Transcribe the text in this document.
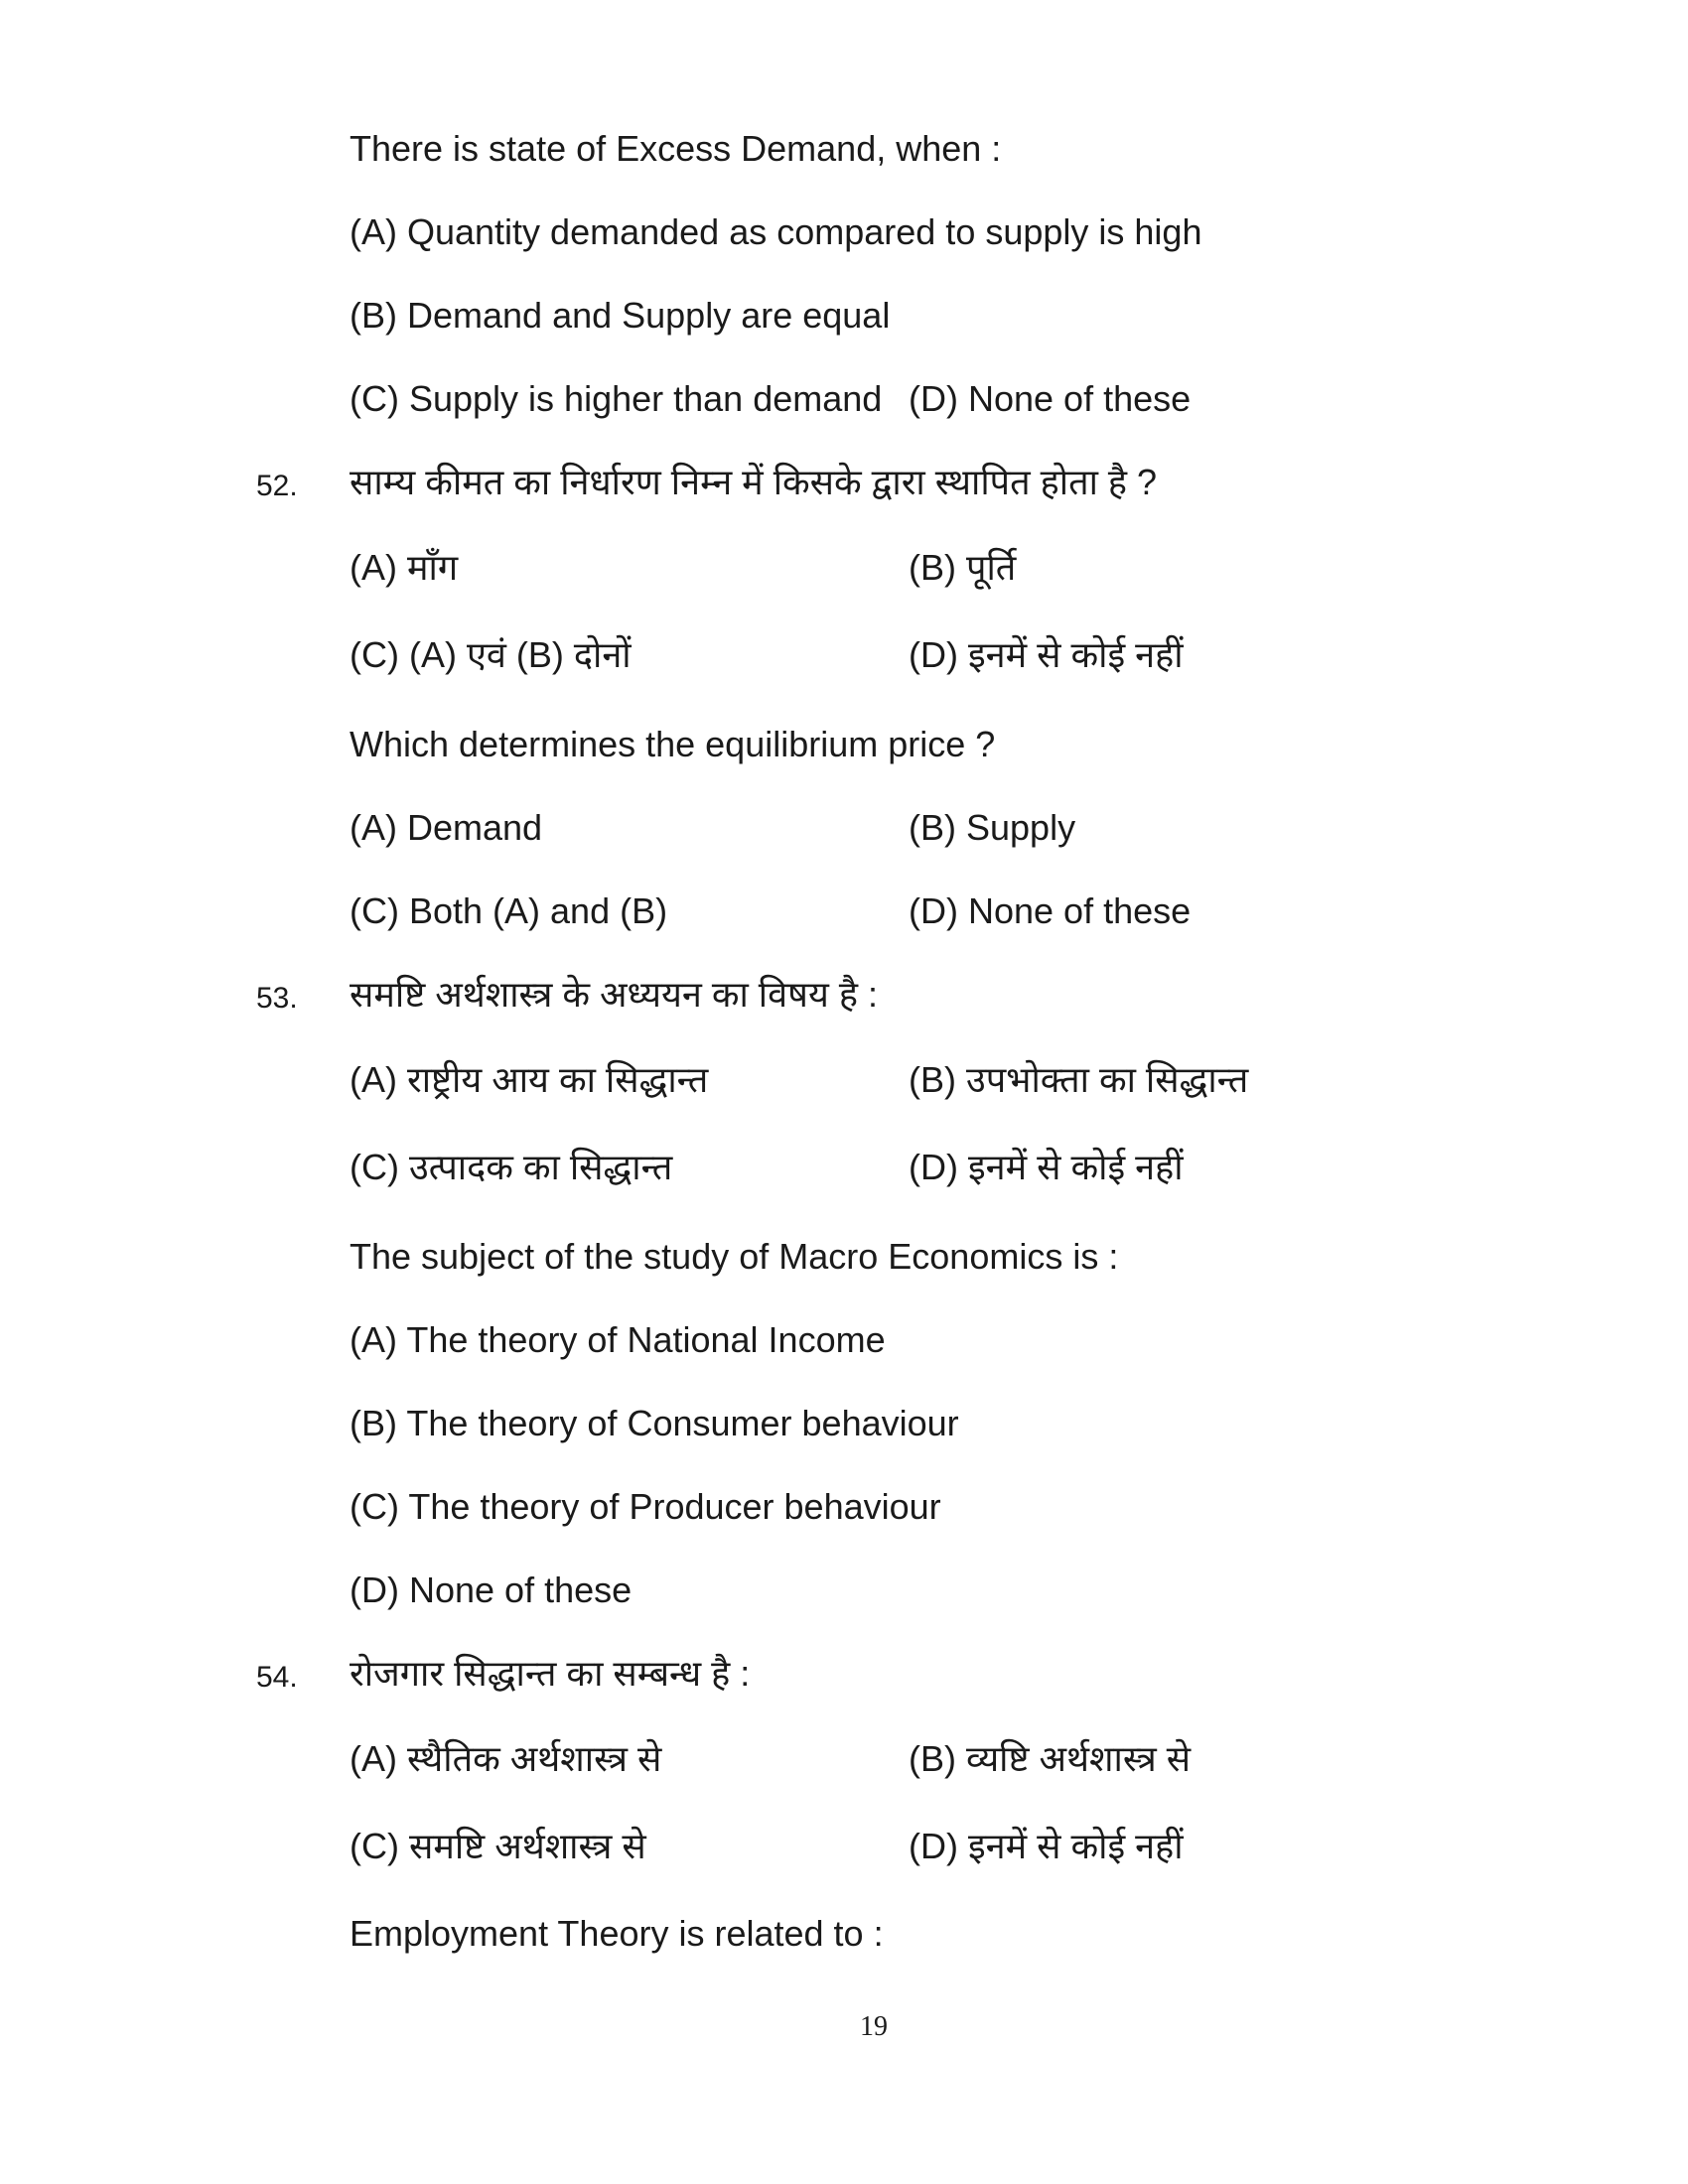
There is state of Excess Demand, when :
(A) Quantity demanded as compared to supply is high
(B) Demand and Supply are equal
(C) Supply is higher than demand (D) None of these
52. साम्य कीमत का निर्धारण निम्न में किसके द्वारा स्थापित होता है ?
(A) माँग	(B) पूर्ति
(C) (A) एवं (B) दोनों	(D) इनमें से कोई नहीं
Which determines the equilibrium price ?
(A) Demand	(B) Supply
(C) Both (A) and (B)	(D) None of these
53. समष्टि अर्थशास्त्र के अध्ययन का विषय है :
(A) राष्ट्रीय आय का सिद्धान्त	(B) उपभोक्ता का सिद्धान्त
(C) उत्पादक का सिद्धान्त	(D) इनमें से कोई नहीं
The subject of the study of Macro Economics is :
(A) The theory of National Income
(B) The theory of Consumer behaviour
(C) The theory of Producer behaviour
(D) None of these
54. रोजगार सिद्धान्त का सम्बन्ध है :
(A) स्थैतिक अर्थशास्त्र से	(B) व्यष्टि अर्थशास्त्र से
(C) समष्टि अर्थशास्त्र से	(D) इनमें से कोई नहीं
Employment Theory is related to :
19
